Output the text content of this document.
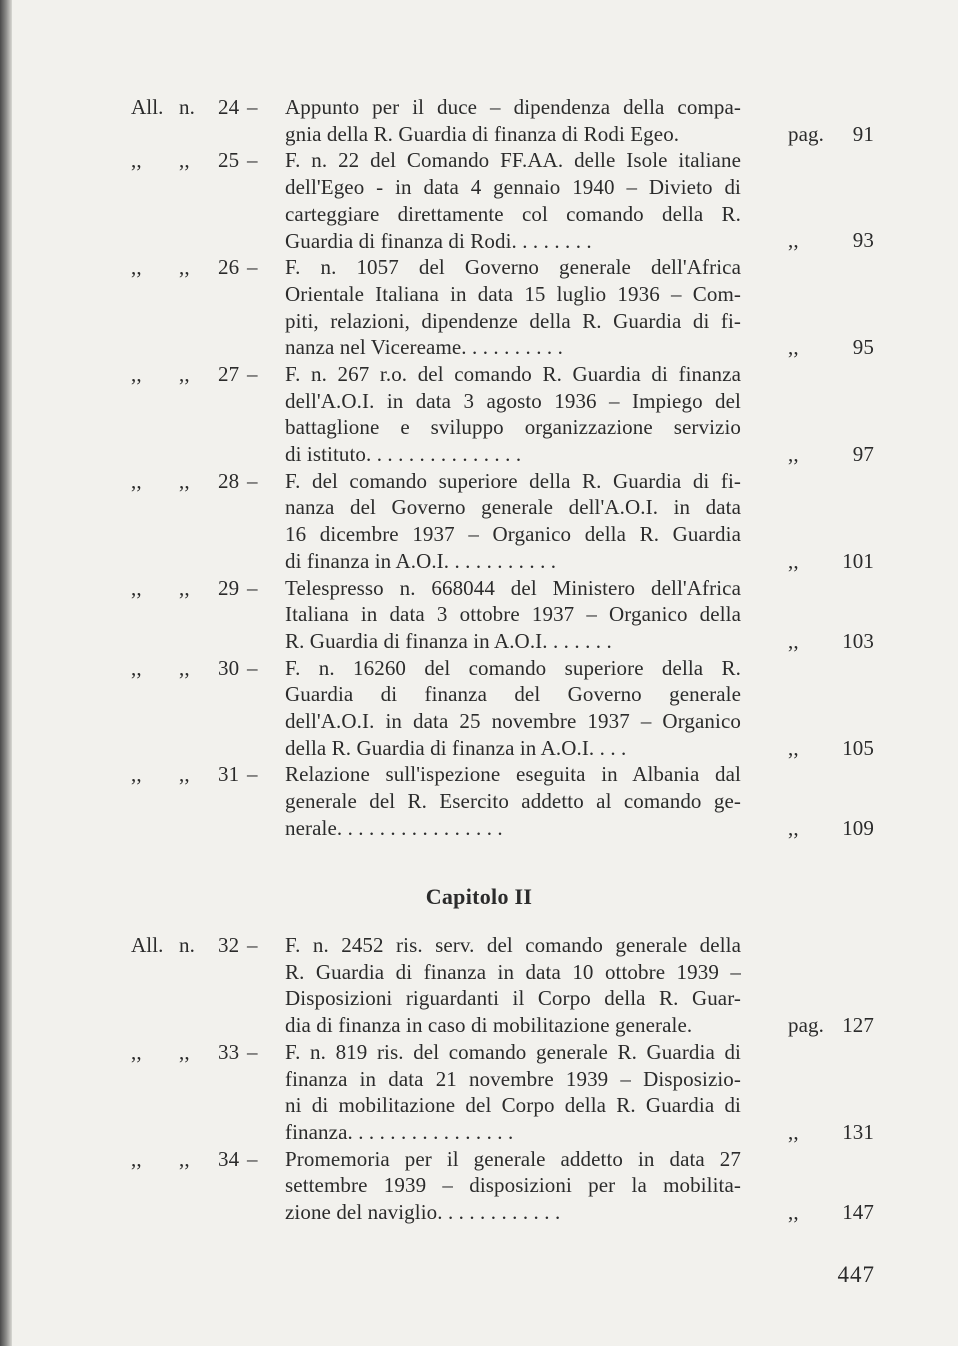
All. n. 24 – Appunto per il duce – dipendenza della compa-
gnia della R. Guardia di finanza di Rodi Egeo.	pag. 91
,, ,, 25 – F. n. 22 del Comando FF.AA. delle Isole italiane
dell'Egeo - in data 4 gennaio 1940 – Divieto di
carteggiare direttamente col comando della R.
Guardia di finanza di Rodi. . . . . . . .	,,	93
,, ,, 26 – F. n. 1057 del Governo generale dell'Africa
Orientale Italiana in data 15 luglio 1936 – Com-
piti, relazioni, dipendenze della R. Guardia di fi-
nanza nel Vicereame. . . . . . . . . .	,,	95
,, ,, 27 – F. n. 267 r.o. del comando R. Guardia di finanza
dell'A.O.I. in data 3 agosto 1936 – Impiego del
battaglione e sviluppo organizzazione servizio
di istituto. . . . . . . . . . . . . . .	,,	97
,, ,, 28 – F. del comando superiore della R. Guardia di fi-
nanza del Governo generale dell'A.O.I. in data
16 dicembre 1937 – Organico della R. Guardia
di finanza in A.O.I. . . . . . . . . . .	,, 101
,, ,, 29 – Telespresso n. 668044 del Ministero dell'Africa
Italiana in data 3 ottobre 1937 – Organico della
R. Guardia di finanza in A.O.I. . . . . . .	,, 103
,, ,, 30 – F. n. 16260 del comando superiore della R.
Guardia di finanza del Governo generale
dell'A.O.I. in data 25 novembre 1937 – Organico
della R. Guardia di finanza in A.O.I. . . .	,, 105
,, ,, 31 – Relazione sull'ispezione eseguita in Albania dal
generale del R. Esercito addetto al comando ge-
nerale. . . . . . . . . . . . . . . .	,, 109
Capitolo II
All. n. 32 – F. n. 2452 ris. serv. del comando generale della
R. Guardia di finanza in data 10 ottobre 1939 –
Disposizioni riguardanti il Corpo della R. Guar-
dia di finanza in caso di mobilitazione generale.	pag. 127
,, ,, 33 – F. n. 819 ris. del comando generale R. Guardia di
finanza in data 21 novembre 1939 – Disposizio-
ni di mobilitazione del Corpo della R. Guardia di
finanza. . . . . . . . . . . . . . . .	,, 131
,, ,, 34 – Promemoria per il generale addetto in data 27
settembre 1939 – disposizioni per la mobilita-
zione del naviglio. . . . . . . . . . . .	,, 147
447
